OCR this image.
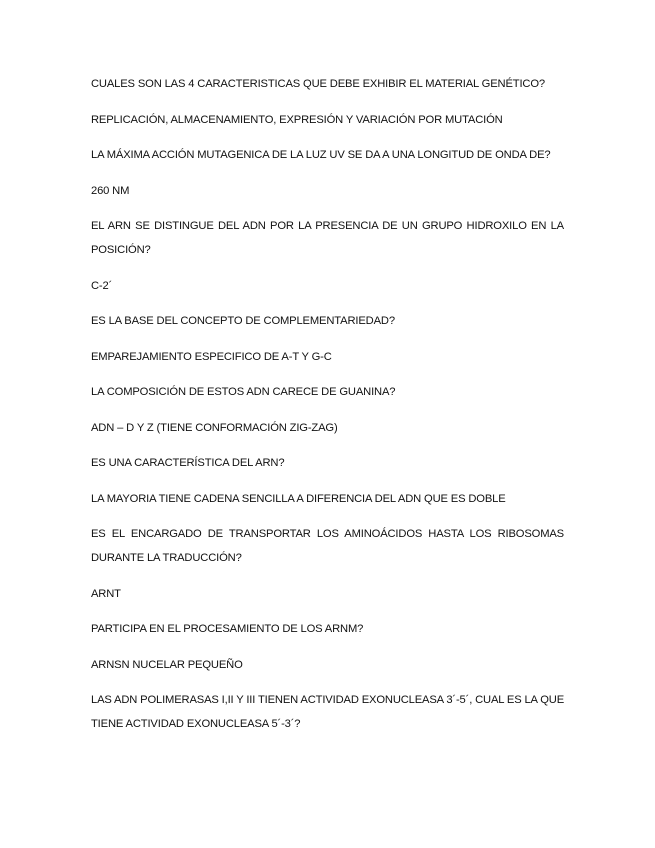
CUALES SON LAS 4 CARACTERISTICAS QUE DEBE EXHIBIR EL MATERIAL GENÉTICO?

REPLICACIÓN, ALMACENAMIENTO, EXPRESIÓN Y VARIACIÓN POR MUTACIÓN

LA MÁXIMA ACCIÓN MUTAGENICA DE LA LUZ UV SE DA A UNA LONGITUD DE ONDA DE?

260 NM

EL ARN SE DISTINGUE DEL ADN POR LA PRESENCIA DE UN GRUPO HIDROXILO EN LA POSICIÓN?

C-2´

ES LA BASE DEL CONCEPTO DE COMPLEMENTARIEDAD?

EMPAREJAMIENTO ESPECIFICO DE A-T Y G-C

LA COMPOSICIÓN DE ESTOS ADN CARECE DE GUANINA?

ADN – D Y Z (TIENE CONFORMACIÓN ZIG-ZAG)

ES UNA CARACTERÍSTICA DEL ARN?

LA MAYORIA TIENE CADENA SENCILLA A DIFERENCIA DEL ADN QUE ES DOBLE

ES EL ENCARGADO DE TRANSPORTAR LOS AMINOÁCIDOS HASTA LOS RIBOSOMAS DURANTE LA TRADUCCIÓN?

ARNT

PARTICIPA EN EL PROCESAMIENTO DE LOS ARNM?

ARNSN NUCELAR PEQUEÑO

LAS ADN POLIMERASAS I,II Y III TIENEN ACTIVIDAD EXONUCLEASA 3´-5´, CUAL ES LA QUE TIENE ACTIVIDAD EXONUCLEASA 5´-3´?
